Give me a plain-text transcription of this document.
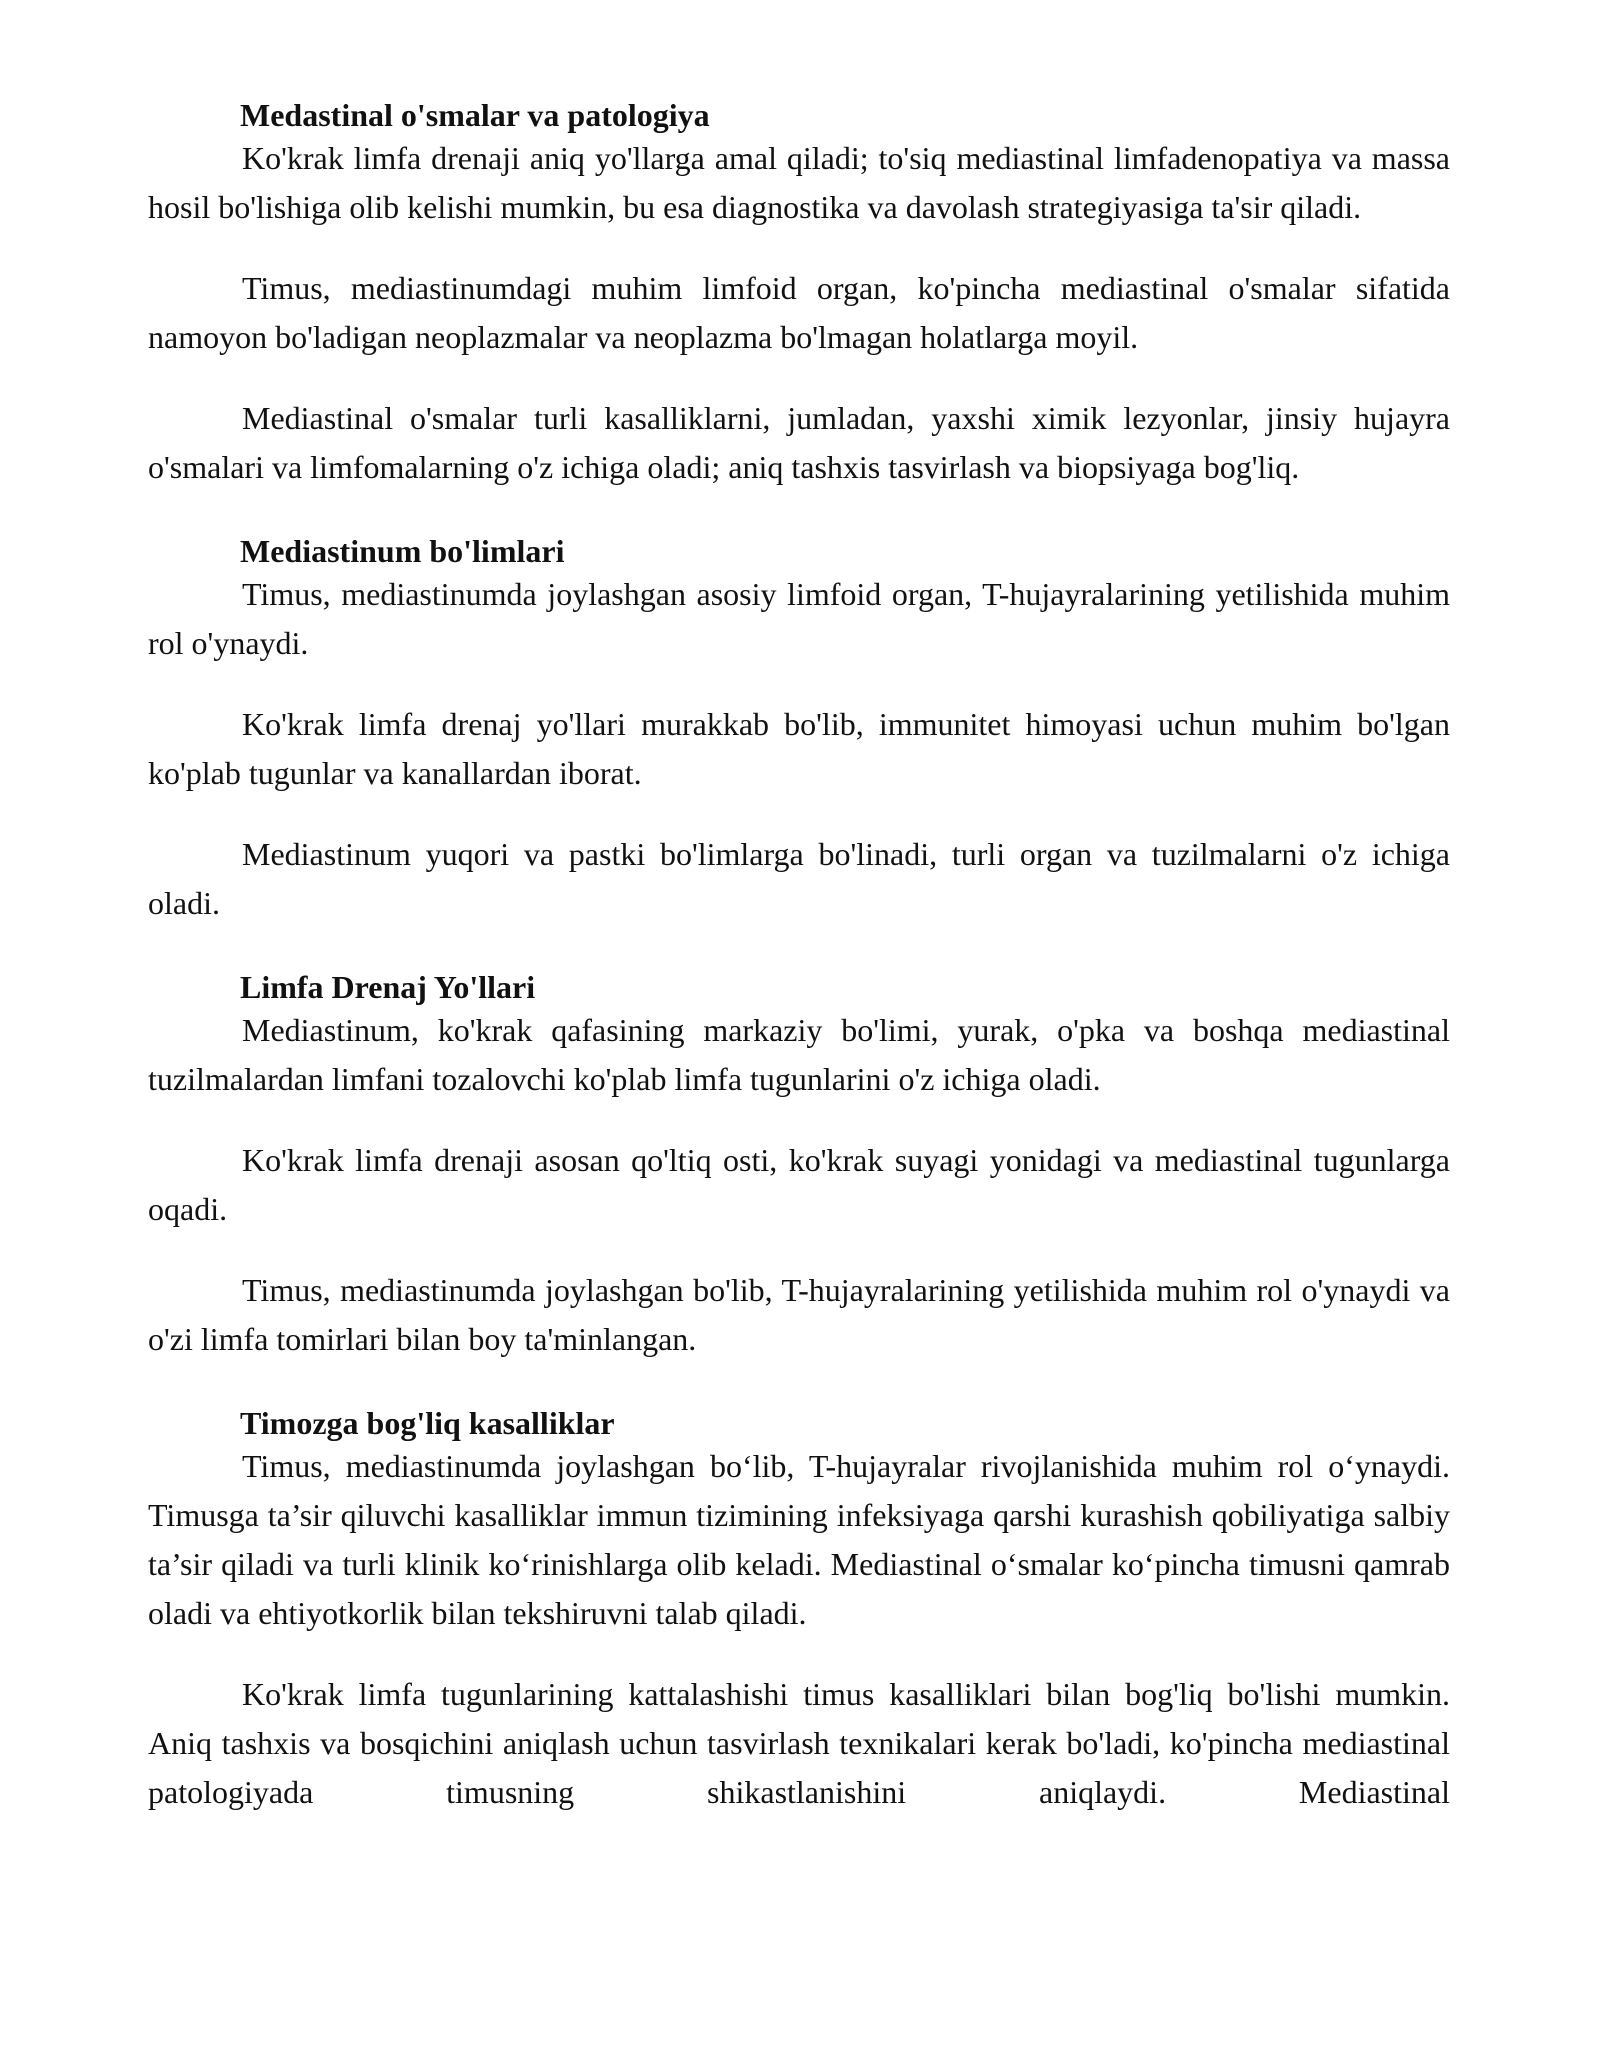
Medastinal o'smalar va patologiya

Ko'krak limfa drenaji aniq yo'llarga amal qiladi; to'siq mediastinal limfadenopatiya va massa hosil bo'lishiga olib kelishi mumkin, bu esa diagnostika va davolash strategiyasiga ta'sir qiladi.

Timus, mediastinumdagi muhim limfoid organ, ko'pincha mediastinal o'smalar sifatida namoyon bo'ladigan neoplazmalar va neoplazma bo'lmagan holatlarga moyil.

Mediastinal o'smalar turli kasalliklarni, jumladan, yaxshi ximik lezyonlar, jinsiy hujayra o'smalari va limfomalarning o'z ichiga oladi; aniq tashxis tasvirlash va biopsiyaga bog'liq.

Mediastinum bo'limlari

Timus, mediastinumda joylashgan asosiy limfoid organ, T-hujayralarining yetilishida muhim rol o'ynaydi.

Ko'krak limfa drenaj yo'llari murakkab bo'lib, immunitet himoyasi uchun muhim bo'lgan ko'plab tugunlar va kanallardan iborat.

Mediastinum yuqori va pastki bo'limlarga bo'linadi, turli organ va tuzilmalarni o'z ichiga oladi.

Limfa Drenaj Yo'llari

Mediastinum, ko'krak qafasining markaziy bo'limi, yurak, o'pka va boshqa mediastinal tuzilmalardan limfani tozalovchi ko'plab limfa tugunlarini o'z ichiga oladi.

Ko'krak limfa drenaji asosan qo'ltiq osti, ko'krak suyagi yonidagi va mediastinal tugunlarga oqadi.

Timus, mediastinumda joylashgan bo'lib, T-hujayralarining yetilishida muhim rol o'ynaydi va o'zi limfa tomirlari bilan boy ta'minlangan.

Timozga bog'liq kasalliklar

Timus, mediastinumda joylashgan bo‘lib, T-hujayralar rivojlanishida muhim rol o‘ynaydi. Timusga ta’sir qiluvchi kasalliklar immun tizimining infeksiyaga qarshi kurashish qobiliyatiga salbiy ta’sir qiladi va turli klinik ko‘rinishlarga olib keladi. Mediastinal o‘smalar ko‘pincha timusni qamrab oladi va ehtiyotkorlik bilan tekshiruvni talab qiladi.

Ko'krak limfa tugunlarining kattalashishi timus kasalliklari bilan bog'liq bo'lishi mumkin. Aniq tashxis va bosqichini aniqlash uchun tasvirlash texnikalari kerak bo'ladi, ko'pincha mediastinal patologiyada timusning shikastlanishini aniqlaydi. Mediastinal
